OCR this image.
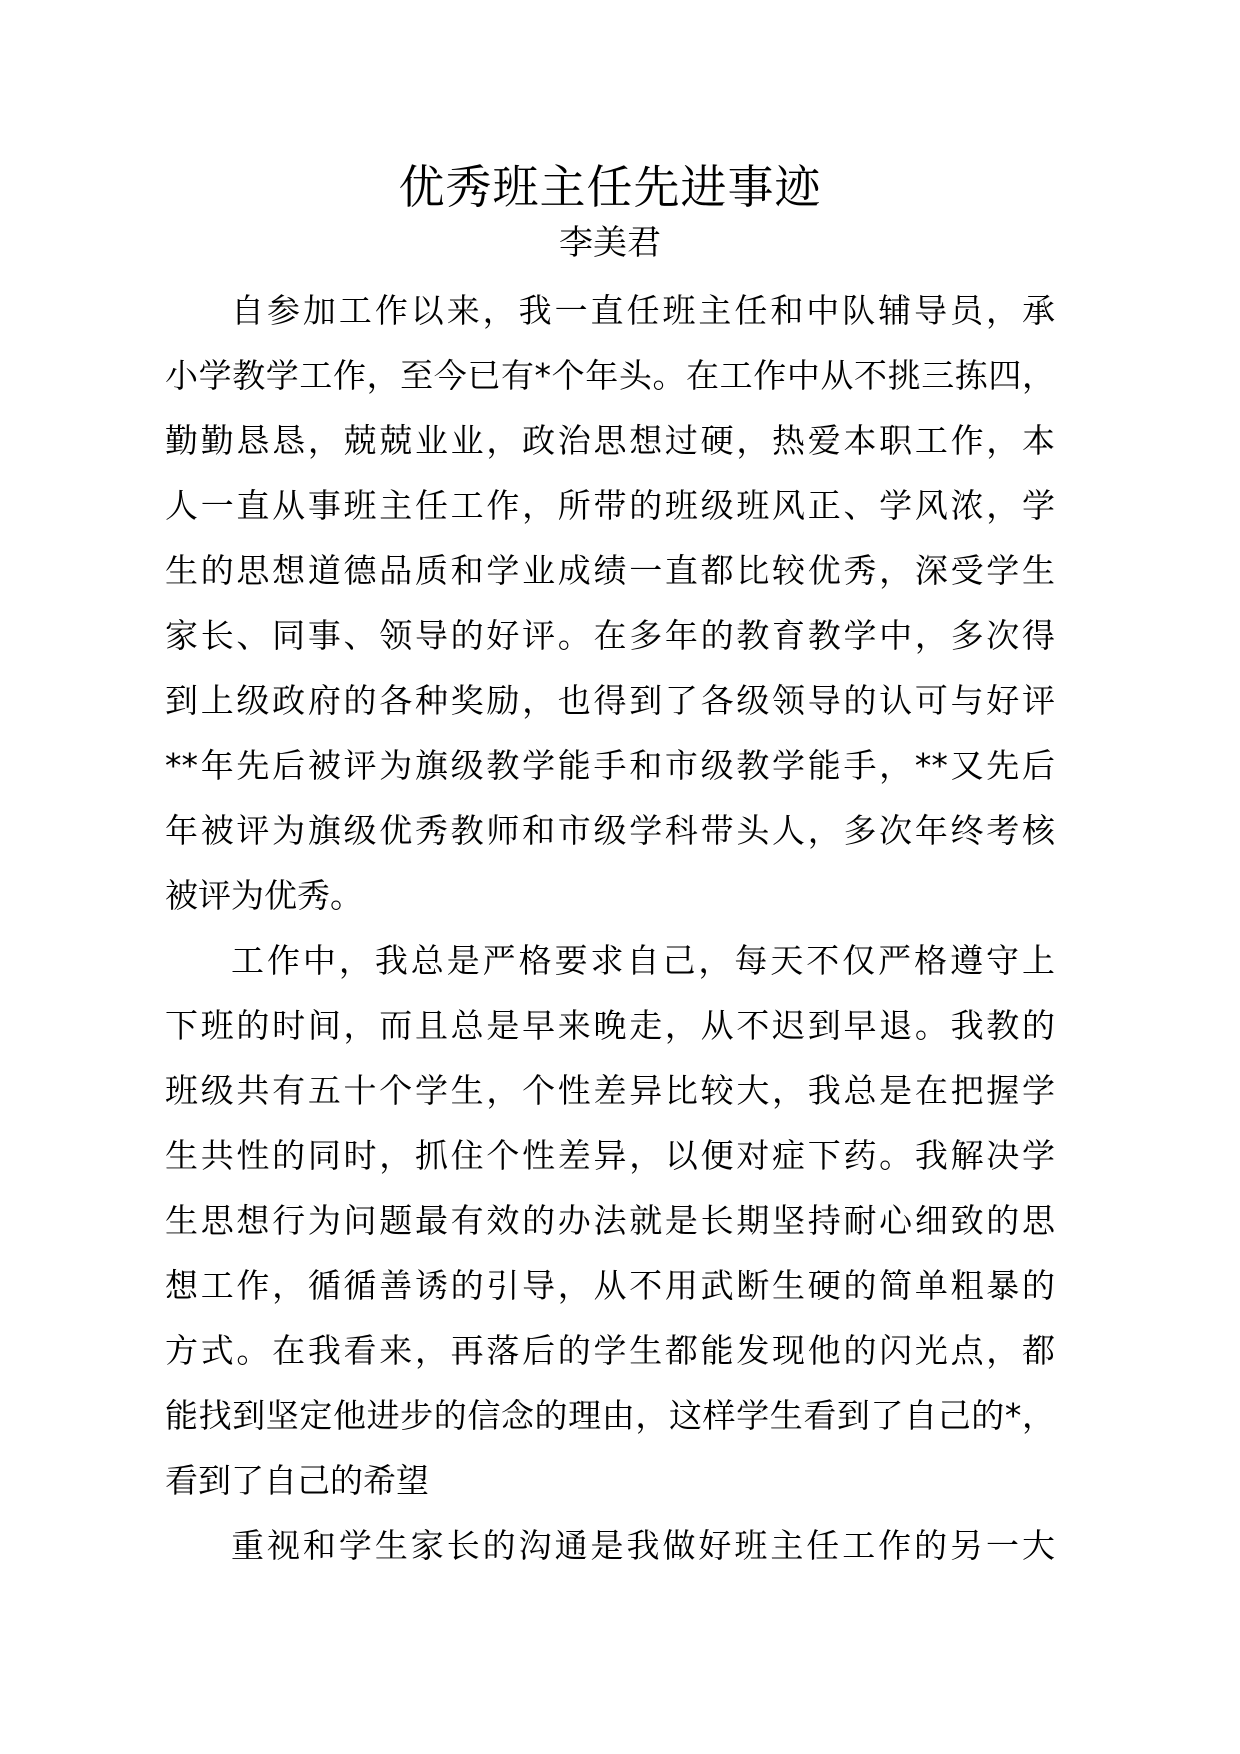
优秀班主任先进事迹
李美君
自参加工作以来，我一直任班主任和中队辅导员，承
小学教学工作，至今已有*个年头。在工作中从不挑三拣四，
勤勤恳恳，兢兢业业，政治思想过硬，热爱本职工作，本
人一直从事班主任工作，所带的班级班风正、学风浓，学
生的思想道德品质和学业成绩一直都比较优秀，深受学生
家长、同事、领导的好评。在多年的教育教学中，多次得
到上级政府的各种奖励，也得到了各级领导的认可与好评
**年先后被评为旗级教学能手和市级教学能手，**又先后
年被评为旗级优秀教师和市级学科带头人，多次年终考核
被评为优秀。
工作中，我总是严格要求自己，每天不仅严格遵守上
下班的时间，而且总是早来晚走，从不迟到早退。我教的
班级共有五十个学生，个性差异比较大，我总是在把握学
生共性的同时，抓住个性差异，以便对症下药。我解决学
生思想行为问题最有效的办法就是长期坚持耐心细致的思
想工作，循循善诱的引导，从不用武断生硬的简单粗暴的
方式。在我看来，再落后的学生都能发现他的闪光点，都
能找到坚定他进步的信念的理由，这样学生看到了自己的*，
看到了自己的希望
重视和学生家长的沟通是我做好班主任工作的另一大
